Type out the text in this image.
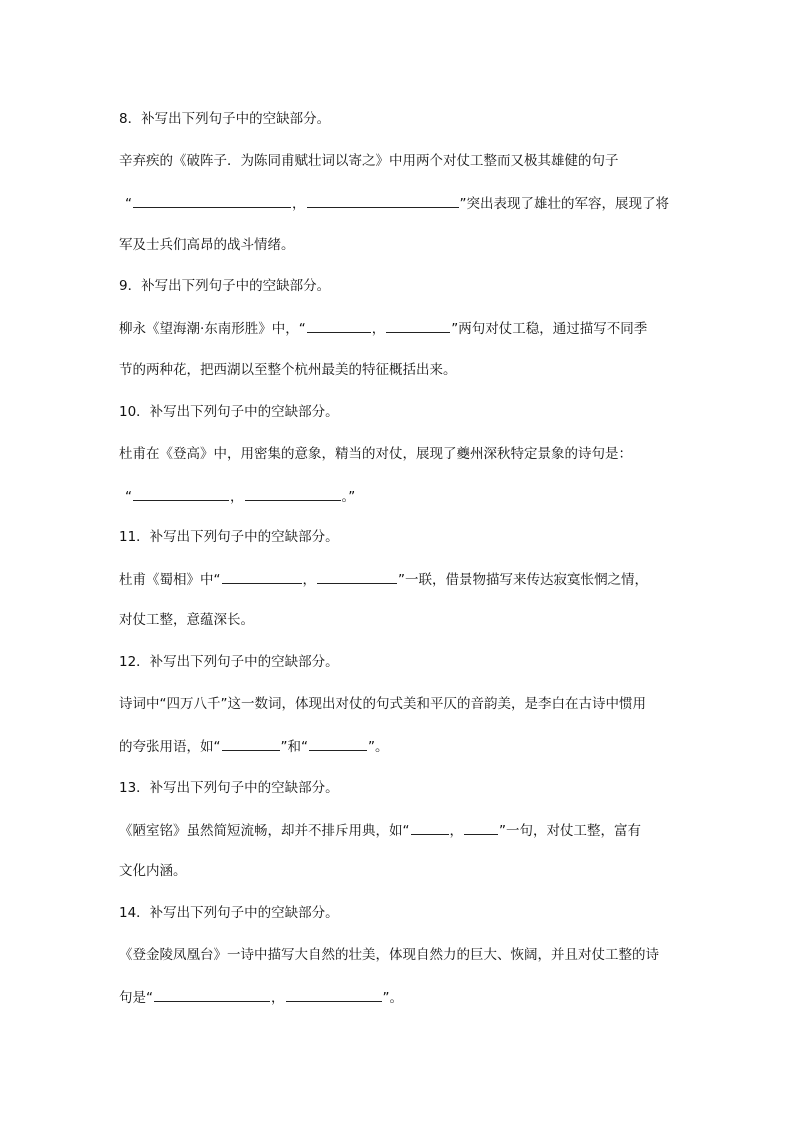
8．补写出下列句子中的空缺部分。
辛弃疾的《破阵子．为陈同甫赋壮词以寄之》中用两个对仗工整而又极其雄健的句子
“	，	”突出表现了雄壮的军容，展现了将
军及士兵们高昂的战斗情绪。
9．补写出下列句子中的空缺部分。
柳永《望海潮·东南形胜》中，“	，	”两句对仗工稳，通过描写不同季
节的两种花，把西湖以至整个杭州最美的特征概括出来。
10．补写出下列句子中的空缺部分。
杜甫在《登高》中，用密集的意象，精当的对仗，展现了夔州深秋特定景象的诗句是：
“	，	。”
11．补写出下列句子中的空缺部分。
杜甫《蜀相》中“	，	”一联，借景物描写来传达寂寞怅惘之情，
对仗工整，意蕴深长。
12．补写出下列句子中的空缺部分。
诗词中“四万八千”这一数词，体现出对仗的句式美和平仄的音韵美，是李白在古诗中惯用
的夸张用语，如“	”和“	”。
13．补写出下列句子中的空缺部分。
《陋室铭》虽然简短流畅，却并不排斥用典，如“	，	”一句，对仗工整，富有
文化内涵。
14．补写出下列句子中的空缺部分。
《登金陵凤凰台》一诗中描写大自然的壮美，体现自然力的巨大、恢阔，并且对仗工整的诗
句是“	，	”。
